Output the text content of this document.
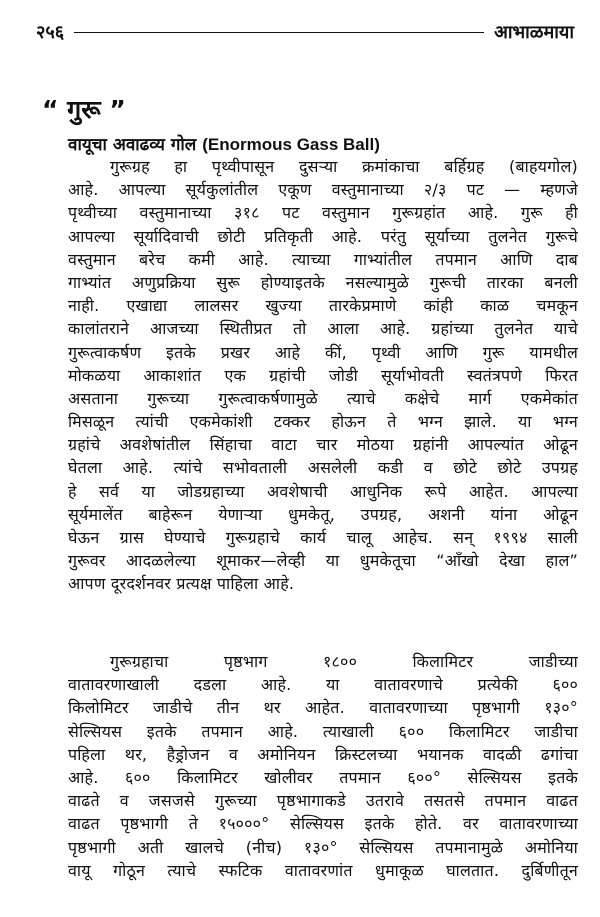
२५६	आभाळमाया
“ गुरू ”
वायूचा अवाढव्य गोल (Enormous Gass Ball)
गुरूग्रह हा पृथ्वीपासून दुसऱ्या क्रमांकाचा बर्हिग्रह (बाहयगोल)
आहे. आपल्या सूर्यकुलांतील एकूण वस्तुमानाच्या २/३ पट — म्हणजे
पृथ्वीच्या वस्तुमानाच्या ३१८ पट वस्तुमान गुरूग्रहांत आहे. गुरू ही
आपल्या सूर्यादिवाची छोटी प्रतिकृती आहे. परंतु सूर्याच्या तुलनेत गुरूचे
वस्तुमान बरेच कमी आहे. त्याच्या गाभ्यांतील तपमान आणि दाब
गाभ्यांत अणुप्रक्रिया सुरू होण्याइतके नसल्यामुळे गुरूची तारका बनली
नाही. एखाद्या लालसर खुज्या तारकेप्रमाणे कांही काळ चमकून
कालांतराने आजच्या स्थितीप्रत तो आला आहे. ग्रहांच्या तुलनेत याचे
गुरूत्वाकर्षण इतके प्रखर आहे कीं, पृथ्वी आणि गुरू यामधील
मोकळया आकाशांत एक ग्रहांची जोडी सूर्याभोवती स्वतंत्रपणे फिरत
असताना गुरूच्या गुरूत्वाकर्षणामुळे त्याचे कक्षेचे मार्ग एकमेकांत
मिसळून त्यांची एकमेकांशी टक्कर होऊन ते भग्न झाले. या भग्न
ग्रहांचे अवशेषांतील सिंहाचा वाटा चार मोठया ग्रहांनी आपल्यांत ओढून
घेतला आहे. त्यांचे सभोवताली असलेली कडी व छोटे छोटे उपग्रह
हे सर्व या जोडग्रहाच्या अवशेषाची आधुनिक रूपे आहेत. आपल्या
सूर्यमालेंत बाहेरून येणाऱ्या धुमकेतू, उपग्रह, अशनी यांना ओढून
घेऊन ग्रास घेण्याचे गुरूग्रहाचे कार्य चालू आहेच. सन् १९९४ साली
गुरूवर आदळलेल्या शूमाकर—लेव्ही या धुमकेतूचा “आँखो देखा हाल”
आपण दूरदर्शनवर प्रत्यक्ष पाहिला आहे.
गुरूग्रहाचा पृष्ठभाग १८०० किलामिटर जाडीच्या
वातावरणाखाली दडला आहे. या वातावरणाचे प्रत्येकी ६००
किलोमिटर जाडीचे तीन थर आहेत. वातावरणाच्या पृष्ठभागी १३०°
सेल्सियस इतके तपमान आहे. त्याखाली ६०० किलामिटर जाडीचा
पहिला थर, हैड्रोजन व अमोनियन क्रिस्टलच्या भयानक वादळी ढगांचा
आहे. ६०० किलामिटर खोलीवर तपमान ६००° सेल्सियस इतके
वाढते व जसजसे गुरूच्या पृष्ठभागाकडे उतरावे तसतसे तपमान वाढत
वाढत पृष्ठभागी ते १५०००° सेल्सियस इतके होते. वर वातावरणाच्या
पृष्ठभागी अती खालचे (नीच) १३०° सेल्सियस तपमानामुळे अमोनिया
वायू गोठून त्याचे स्फटिक वातावरणांत धुमाकूळ घालतात. दुर्बिणीतून
